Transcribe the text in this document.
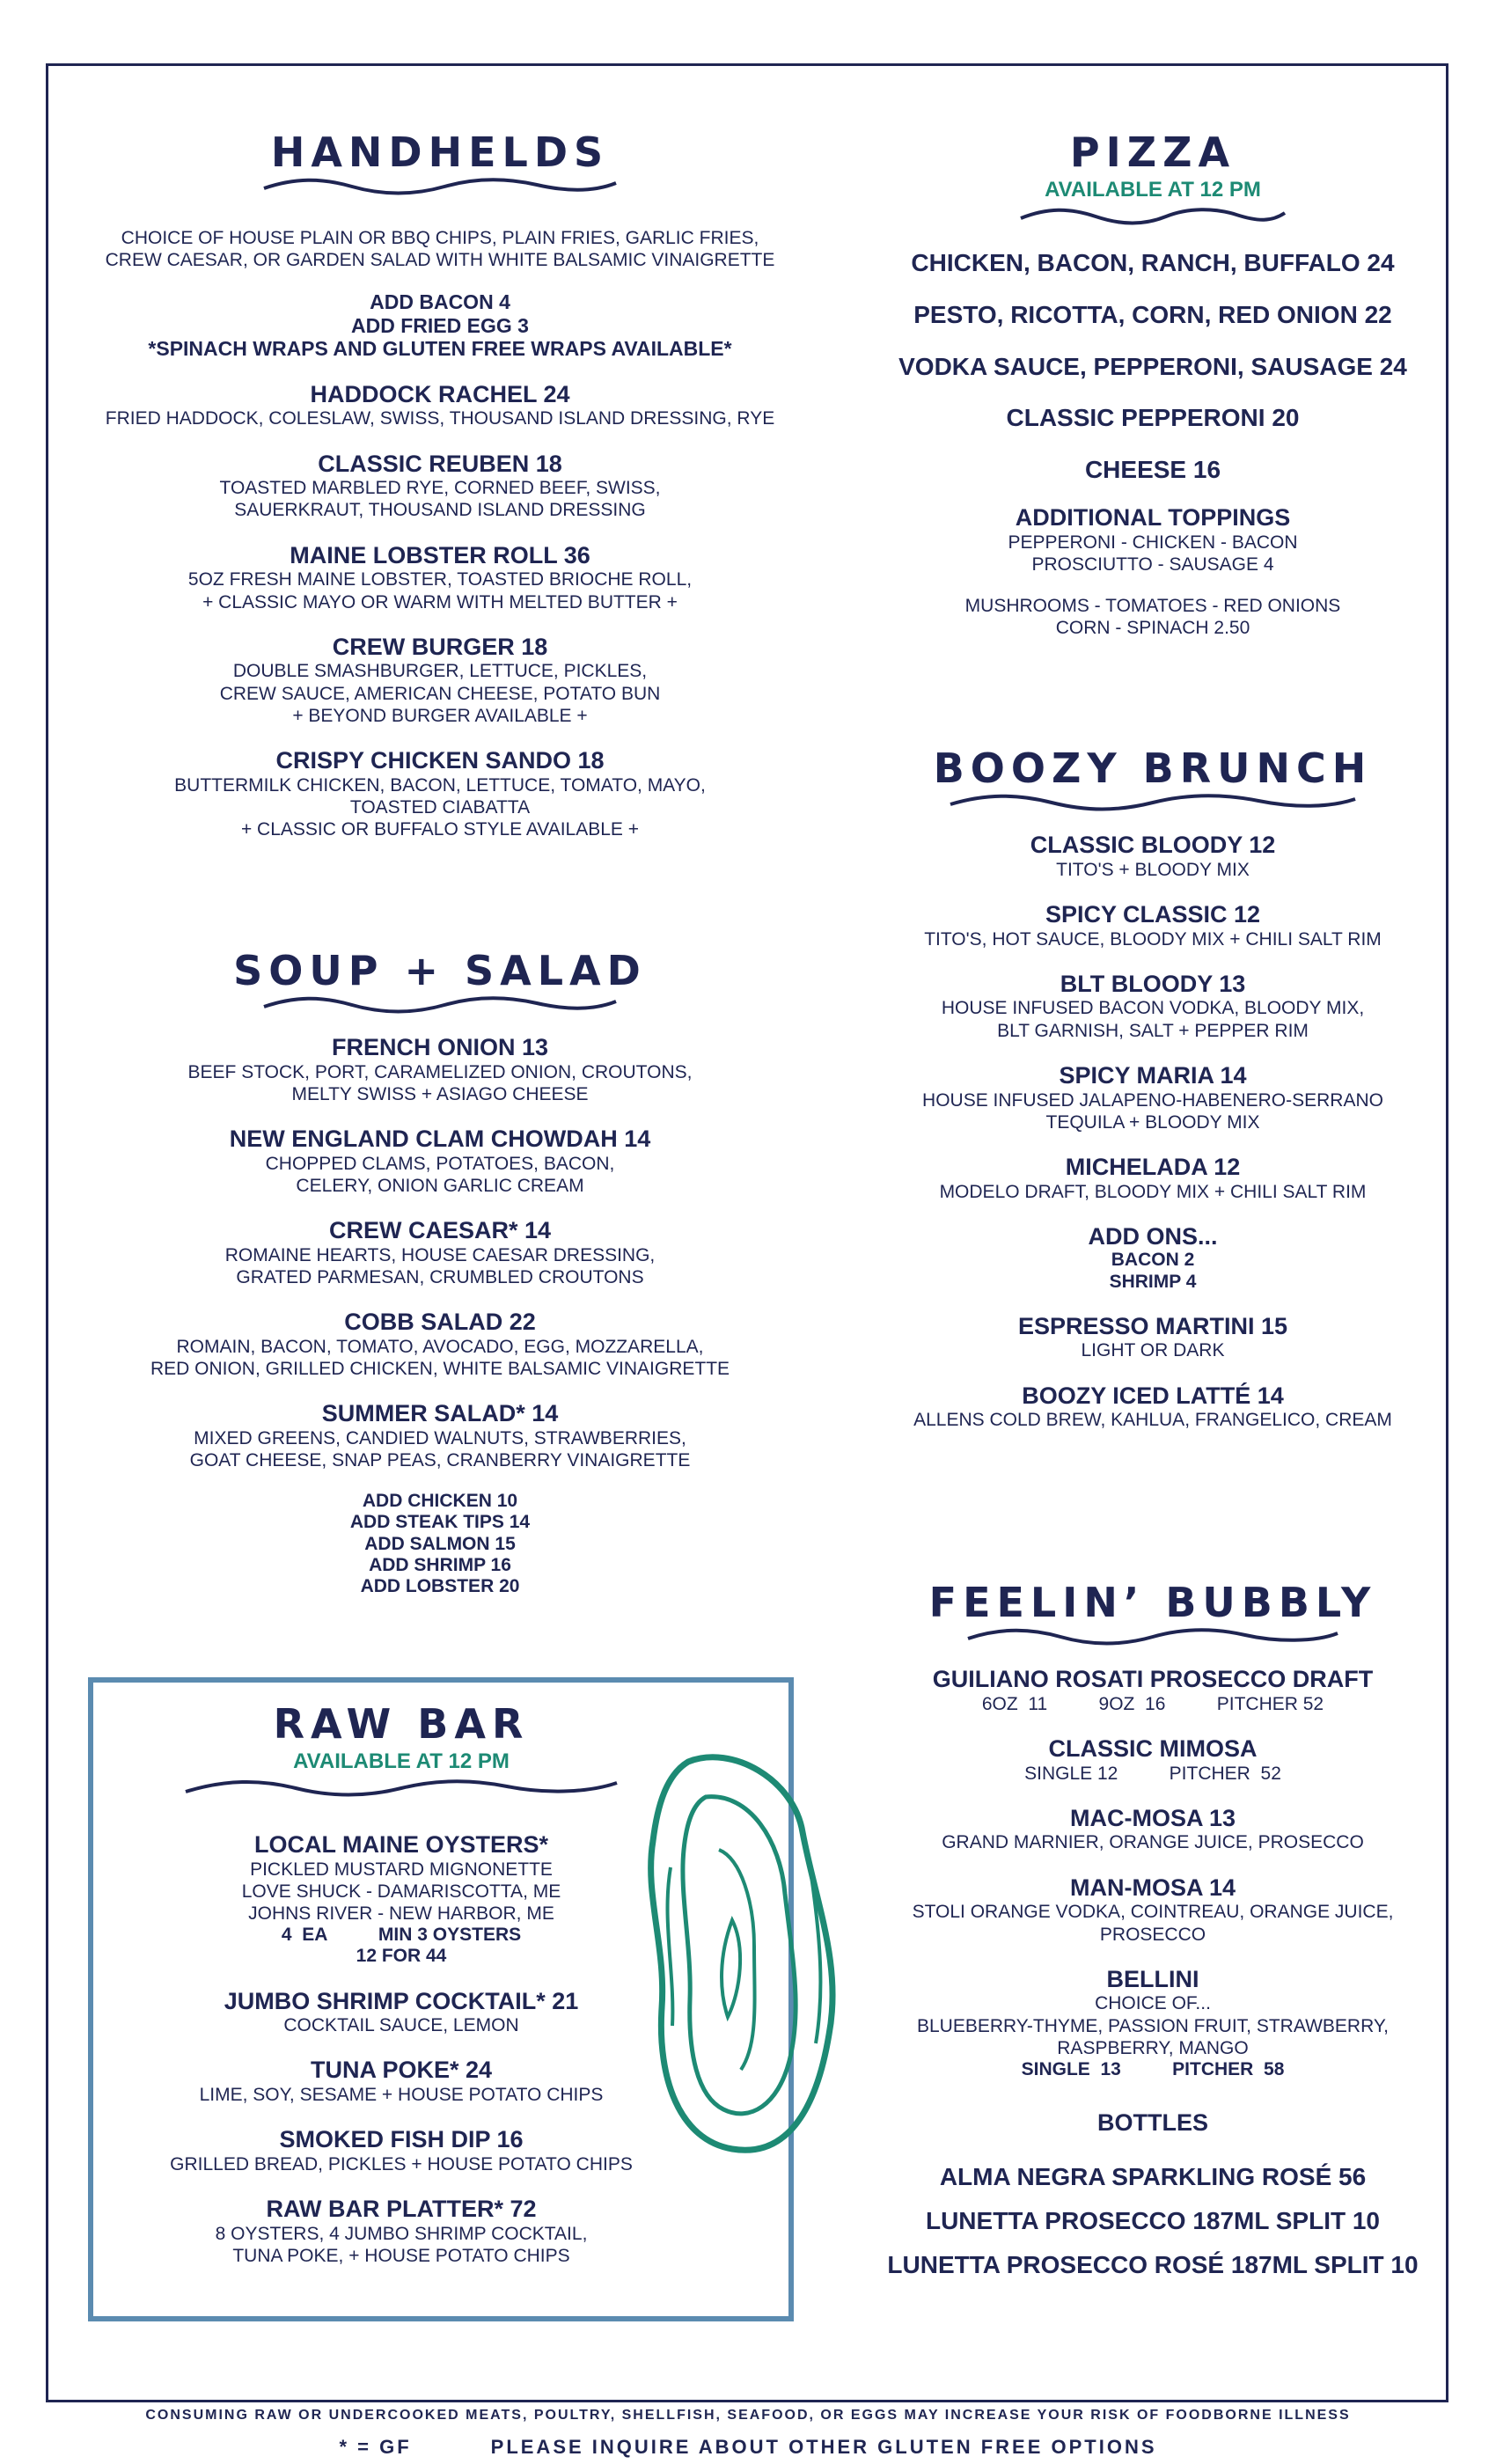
HANDHELDS
CHOICE OF HOUSE PLAIN OR BBQ CHIPS, PLAIN FRIES, GARLIC FRIES,
CREW CAESAR, OR GARDEN SALAD WITH WHITE BALSAMIC VINAIGRETTE
ADD BACON 4
ADD FRIED EGG 3
*SPINACH WRAPS AND GLUTEN FREE WRAPS AVAILABLE*
HADDOCK RACHEL 24
FRIED HADDOCK, COLESLAW, SWISS, THOUSAND ISLAND DRESSING, RYE
CLASSIC REUBEN 18
TOASTED MARBLED RYE, CORNED BEEF, SWISS,
SAUERKRAUT, THOUSAND ISLAND DRESSING
MAINE LOBSTER ROLL 36
5OZ FRESH MAINE LOBSTER, TOASTED BRIOCHE ROLL,
+ CLASSIC MAYO OR WARM WITH MELTED BUTTER +
CREW BURGER 18
DOUBLE SMASHBURGER, LETTUCE, PICKLES,
CREW SAUCE, AMERICAN CHEESE, POTATO BUN
+ BEYOND BURGER AVAILABLE +
CRISPY CHICKEN SANDO 18
BUTTERMILK CHICKEN, BACON, LETTUCE, TOMATO, MAYO,
TOASTED CIABATTA
+ CLASSIC OR BUFFALO STYLE AVAILABLE +
SOUP + SALAD
FRENCH ONION 13
BEEF STOCK, PORT, CARAMELIZED ONION, CROUTONS,
MELTY SWISS + ASIAGO CHEESE
NEW ENGLAND CLAM CHOWDAH 14
CHOPPED CLAMS, POTATOES, BACON,
CELERY, ONION GARLIC CREAM
CREW CAESAR* 14
ROMAINE HEARTS, HOUSE CAESAR DRESSING,
GRATED PARMESAN, CRUMBLED CROUTONS
COBB SALAD 22
ROMAIN, BACON, TOMATO, AVOCADO, EGG, MOZZARELLA,
RED ONION, GRILLED CHICKEN, WHITE BALSAMIC VINAIGRETTE
SUMMER SALAD* 14
MIXED GREENS, CANDIED WALNUTS, STRAWBERRIES,
GOAT CHEESE, SNAP PEAS, CRANBERRY VINAIGRETTE
ADD CHICKEN 10
ADD STEAK TIPS 14
ADD SALMON 15
ADD SHRIMP 16
ADD LOBSTER 20
RAW BAR
AVAILABLE AT 12 PM
LOCAL MAINE OYSTERS*
PICKLED MUSTARD MIGNONETTE
LOVE SHUCK - DAMARISCOTTA, ME
JOHNS RIVER - NEW HARBOR, ME
4  EA          MIN 3 OYSTERS
12 FOR 44
JUMBO SHRIMP COCKTAIL* 21
COCKTAIL SAUCE, LEMON
TUNA POKE* 24
LIME, SOY, SESAME + HOUSE POTATO CHIPS
SMOKED FISH DIP 16
GRILLED BREAD, PICKLES + HOUSE POTATO CHIPS
RAW BAR PLATTER* 72
8 OYSTERS, 4 JUMBO SHRIMP COCKTAIL,
TUNA POKE, + HOUSE POTATO CHIPS
PIZZA
AVAILABLE AT 12 PM
CHICKEN, BACON, RANCH, BUFFALO 24
PESTO, RICOTTA, CORN, RED ONION 22
VODKA SAUCE, PEPPERONI, SAUSAGE 24
CLASSIC PEPPERONI 20
CHEESE 16
ADDITIONAL TOPPINGS
PEPPERONI - CHICKEN - BACON
PROSCIUTTO - SAUSAGE 4
MUSHROOMS - TOMATOES - RED ONIONS
CORN - SPINACH 2.50
BOOZY BRUNCH
CLASSIC BLOODY 12
TITO'S + BLOODY MIX
SPICY CLASSIC 12
TITO'S, HOT SAUCE, BLOODY MIX + CHILI SALT RIM
BLT BLOODY 13
HOUSE INFUSED BACON VODKA, BLOODY MIX,
BLT GARNISH, SALT + PEPPER RIM
SPICY MARIA 14
HOUSE INFUSED JALAPENO-HABENERO-SERRANO
TEQUILA + BLOODY MIX
MICHELADA 12
MODELO DRAFT, BLOODY MIX + CHILI SALT RIM
ADD ONS...
BACON 2
SHRIMP 4
ESPRESSO MARTINI 15
LIGHT OR DARK
BOOZY ICED LATTÉ 14
ALLENS COLD BREW, KAHLUA, FRANGELICO, CREAM
FEELIN’ BUBBLY
GUILIANO ROSATI PROSECCO DRAFT
6OZ  11          9OZ  16          PITCHER 52
CLASSIC MIMOSA
SINGLE 12          PITCHER  52
MAC-MOSA 13
GRAND MARNIER, ORANGE JUICE, PROSECCO
MAN-MOSA 14
STOLI ORANGE VODKA, COINTREAU, ORANGE JUICE,
PROSECCO
BELLINI
CHOICE OF...
BLUEBERRY-THYME, PASSION FRUIT, STRAWBERRY,
RASPBERRY, MANGO
SINGLE  13          PITCHER  58
BOTTLES
ALMA NEGRA SPARKLING ROSÉ 56
LUNETTA PROSECCO 187ML SPLIT 10
LUNETTA PROSECCO ROSÉ 187ML SPLIT 10
CONSUMING RAW OR UNDERCOOKED MEATS, POULTRY, SHELLFISH, SEAFOOD, OR EGGS MAY INCREASE YOUR RISK OF FOODBORNE ILLNESS
* = GF	PLEASE INQUIRE ABOUT OTHER GLUTEN FREE OPTIONS
